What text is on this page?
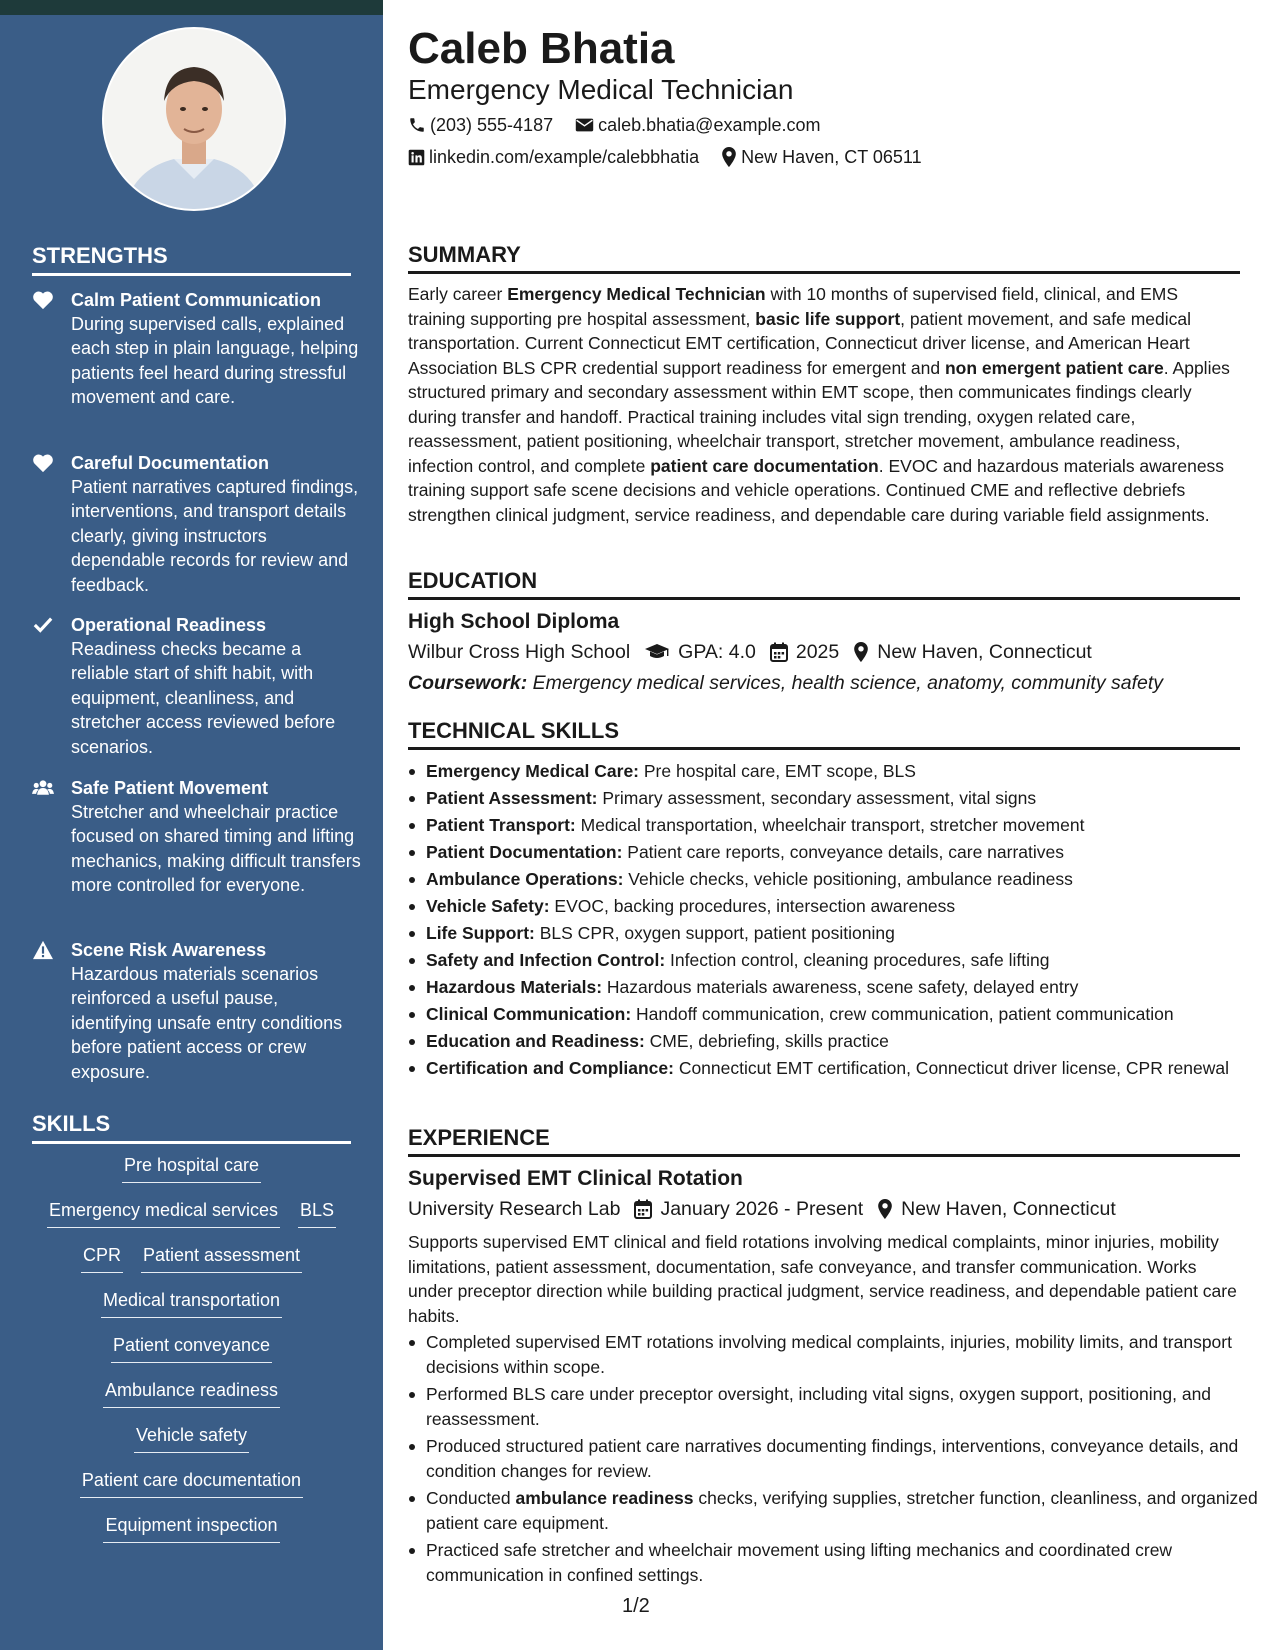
STRENGTHS
Calm Patient Communication
During supervised calls, explained each step in plain language, helping patients feel heard during stressful movement and care.
Careful Documentation
Patient narratives captured findings, interventions, and transport details clearly, giving instructors dependable records for review and feedback.
Operational Readiness
Readiness checks became a reliable start of shift habit, with equipment, cleanliness, and stretcher access reviewed before scenarios.
Safe Patient Movement
Stretcher and wheelchair practice focused on shared timing and lifting mechanics, making difficult transfers more controlled for everyone.
Scene Risk Awareness
Hazardous materials scenarios reinforced a useful pause, identifying unsafe entry conditions before patient access or crew exposure.
SKILLS
Pre hospital care
Emergency medical services BLS
CPR Patient assessment
Medical transportation
Patient conveyance
Ambulance readiness
Vehicle safety
Patient care documentation
Equipment inspection
Caleb Bhatia
Emergency Medical Technician
(203) 555-4187	caleb.bhatia@example.com
linkedin.com/example/calebbhatia New Haven, CT 06511
SUMMARY
Early career Emergency Medical Technician with 10 months of supervised field, clinical, and EMS training supporting pre hospital assessment, basic life support, patient movement, and safe medical transportation. Current Connecticut EMT certification, Connecticut driver license, and American Heart Association BLS CPR credential support readiness for emergent and non emergent patient care. Applies structured primary and secondary assessment within EMT scope, then communicates findings clearly during transfer and handoff. Practical training includes vital sign trending, oxygen related care, reassessment, patient positioning, wheelchair transport, stretcher movement, ambulance readiness, infection control, and complete patient care documentation. EVOC and hazardous materials awareness training support safe scene decisions and vehicle operations. Continued CME and reflective debriefs strengthen clinical judgment, service readiness, and dependable care during variable field assignments.
EDUCATION
High School Diploma
Wilbur Cross High School GPA: 4.0 2025 New Haven, Connecticut
Coursework: Emergency medical services, health science, anatomy, community safety
TECHNICAL SKILLS
Emergency Medical Care: Pre hospital care, EMT scope, BLS
Patient Assessment: Primary assessment, secondary assessment, vital signs
Patient Transport: Medical transportation, wheelchair transport, stretcher movement
Patient Documentation: Patient care reports, conveyance details, care narratives
Ambulance Operations: Vehicle checks, vehicle positioning, ambulance readiness
Vehicle Safety: EVOC, backing procedures, intersection awareness
Life Support: BLS CPR, oxygen support, patient positioning
Safety and Infection Control: Infection control, cleaning procedures, safe lifting
Hazardous Materials: Hazardous materials awareness, scene safety, delayed entry
Clinical Communication: Handoff communication, crew communication, patient communication
Education and Readiness: CME, debriefing, skills practice
Certification and Compliance: Connecticut EMT certification, Connecticut driver license, CPR renewal
EXPERIENCE
Supervised EMT Clinical Rotation
University Research Lab January 2026 - Present New Haven, Connecticut
Supports supervised EMT clinical and field rotations involving medical complaints, minor injuries, mobility limitations, patient assessment, documentation, safe conveyance, and transfer communication. Works under preceptor direction while building practical judgment, service readiness, and dependable patient care habits.
Completed supervised EMT rotations involving medical complaints, injuries, mobility limits, and transport decisions within scope.
Performed BLS care under preceptor oversight, including vital signs, oxygen support, positioning, and reassessment.
Produced structured patient care narratives documenting findings, interventions, conveyance details, and condition changes for review.
Conducted ambulance readiness checks, verifying supplies, stretcher function, cleanliness, and organized patient care equipment.
Practiced safe stretcher and wheelchair movement using lifting mechanics and coordinated crew communication in confined settings.
1/2
